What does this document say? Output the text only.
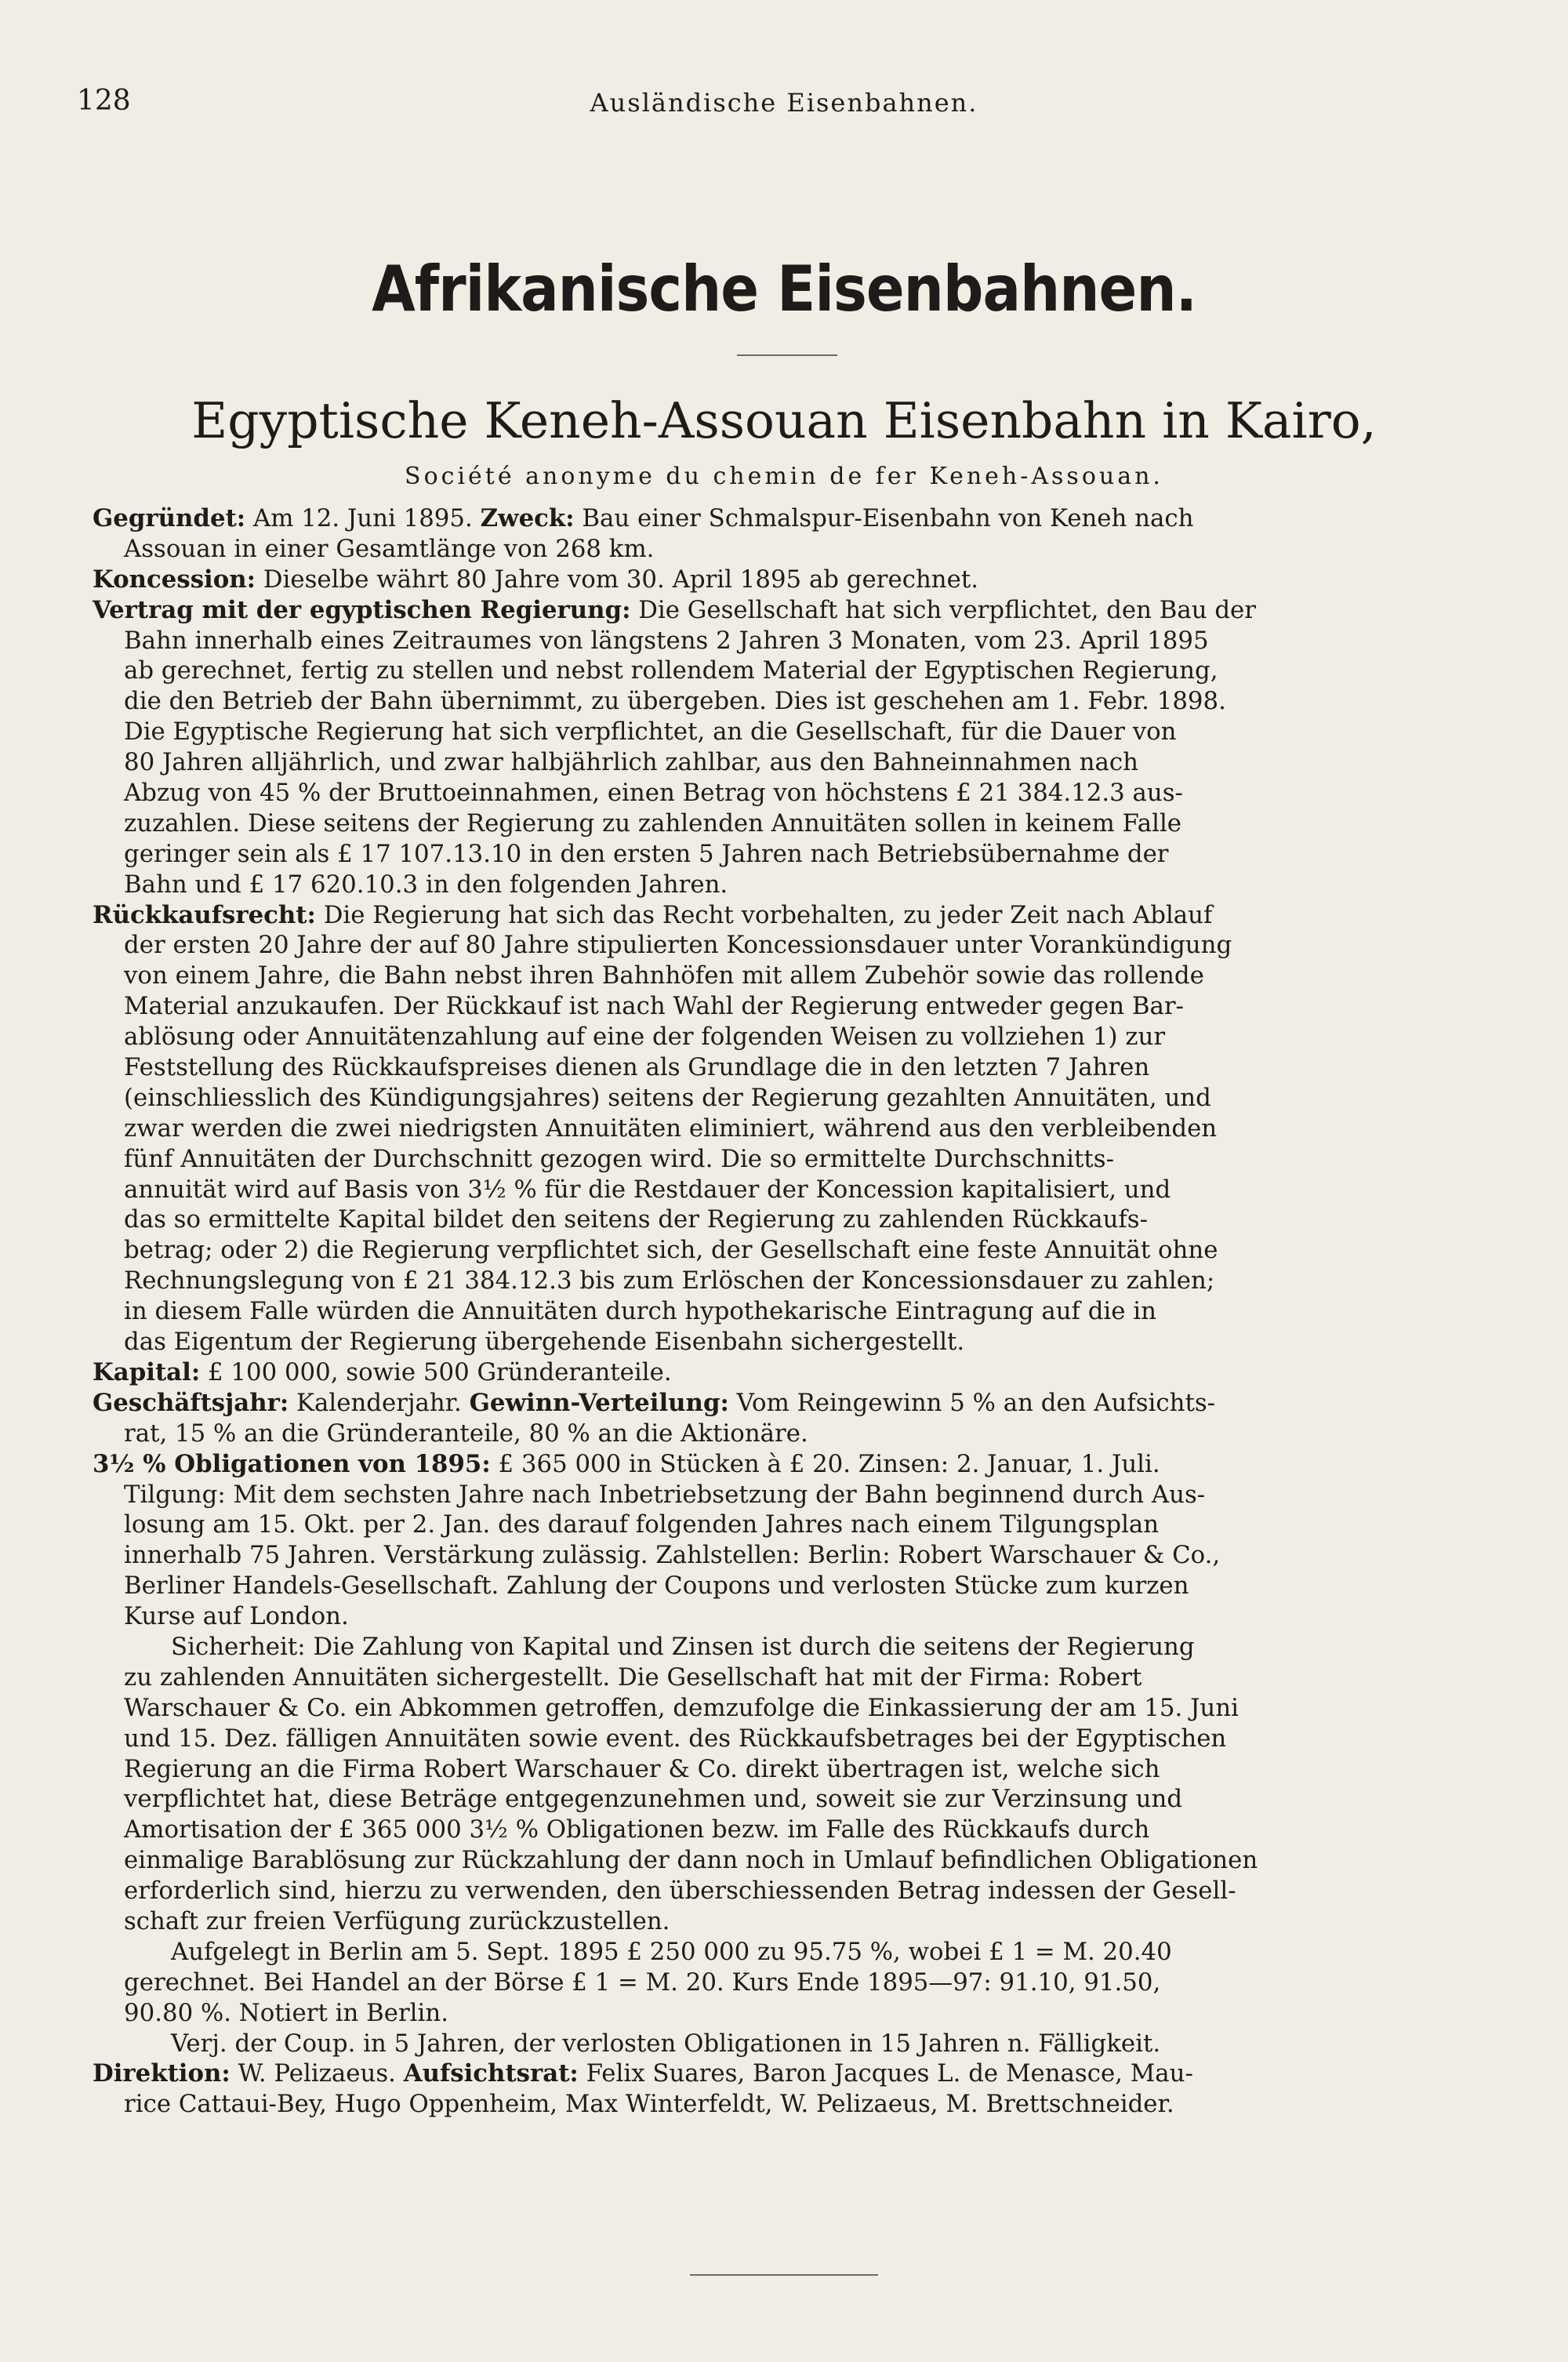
128	Ausländische Eisenbahnen.
Afrikanische Eisenbahnen.
Egyptische Keneh-Assouan Eisenbahn in Kairo,
Société anonyme du chemin de fer Keneh-Assouan.
Gegründet: Am 12. Juni 1895. Zweck: Bau einer Schmalspur-Eisenbahn von Keneh nach
Assouan in einer Gesamtlänge von 268 km.
Koncession: Dieselbe währt 80 Jahre vom 30. April 1895 ab gerechnet.
Vertrag mit der egyptischen Regierung: Die Gesellschaft hat sich verpflichtet, den Bau der
Bahn innerhalb eines Zeitraumes von längstens 2 Jahren 3 Monaten, vom 23. April 1895
ab gerechnet, fertig zu stellen und nebst rollendem Material der Egyptischen Regierung,
die den Betrieb der Bahn übernimmt, zu übergeben. Dies ist geschehen am 1. Febr. 1898.
Die Egyptische Regierung hat sich verpflichtet, an die Gesellschaft, für die Dauer von
80 Jahren alljährlich, und zwar halbjährlich zahlbar, aus den Bahneinnahmen nach
Abzug von 45 % der Bruttoeinnahmen, einen Betrag von höchstens £ 21 384.12.3 aus-
zuzahlen. Diese seitens der Regierung zu zahlenden Annuitäten sollen in keinem Falle
geringer sein als £ 17 107.13.10 in den ersten 5 Jahren nach Betriebsübernahme der
Bahn und £ 17 620.10.3 in den folgenden Jahren.
Rückkaufsrecht: Die Regierung hat sich das Recht vorbehalten, zu jeder Zeit nach Ablauf
der ersten 20 Jahre der auf 80 Jahre stipulierten Koncessionsdauer unter Vorankündigung
von einem Jahre, die Bahn nebst ihren Bahnhöfen mit allem Zubehör sowie das rollende
Material anzukaufen. Der Rückkauf ist nach Wahl der Regierung entweder gegen Bar-
ablösung oder Annuitätenzahlung auf eine der folgenden Weisen zu vollziehen 1) zur
Feststellung des Rückkaufspreises dienen als Grundlage die in den letzten 7 Jahren
(einschliesslich des Kündigungsjahres) seitens der Regierung gezahlten Annuitäten, und
zwar werden die zwei niedrigsten Annuitäten eliminiert, während aus den verbleibenden
fünf Annuitäten der Durchschnitt gezogen wird. Die so ermittelte Durchschnitts-
annuität wird auf Basis von 3½ % für die Restdauer der Koncession kapitalisiert, und
das so ermittelte Kapital bildet den seitens der Regierung zu zahlenden Rückkaufs-
betrag; oder 2) die Regierung verpflichtet sich, der Gesellschaft eine feste Annuität ohne
Rechnungslegung von £ 21 384.12.3 bis zum Erlöschen der Koncessionsdauer zu zahlen;
in diesem Falle würden die Annuitäten durch hypothekarische Eintragung auf die in
das Eigentum der Regierung übergehende Eisenbahn sichergestellt.
Kapital: £ 100 000, sowie 500 Gründeranteile.
Geschäftsjahr: Kalenderjahr. Gewinn-Verteilung: Vom Reingewinn 5 % an den Aufsichts-
rat, 15 % an die Gründeranteile, 80 % an die Aktionäre.
3½ % Obligationen von 1895: £ 365 000 in Stücken à £ 20. Zinsen: 2. Januar, 1. Juli.
Tilgung: Mit dem sechsten Jahre nach Inbetriebsetzung der Bahn beginnend durch Aus-
losung am 15. Okt. per 2. Jan. des darauf folgenden Jahres nach einem Tilgungsplan
innerhalb 75 Jahren. Verstärkung zulässig. Zahlstellen: Berlin: Robert Warschauer & Co.,
Berliner Handels-Gesellschaft. Zahlung der Coupons und verlosten Stücke zum kurzen
Kurse auf London.
Sicherheit: Die Zahlung von Kapital und Zinsen ist durch die seitens der Regierung
zu zahlenden Annuitäten sichergestellt. Die Gesellschaft hat mit der Firma: Robert
Warschauer & Co. ein Abkommen getroffen, demzufolge die Einkassierung der am 15. Juni
und 15. Dez. fälligen Annuitäten sowie event. des Rückkaufsbetrages bei der Egyptischen
Regierung an die Firma Robert Warschauer & Co. direkt übertragen ist, welche sich
verpflichtet hat, diese Beträge entgegenzunehmen und, soweit sie zur Verzinsung und
Amortisation der £ 365 000 3½ % Obligationen bezw. im Falle des Rückkaufs durch
einmalige Barablösung zur Rückzahlung der dann noch in Umlauf befindlichen Obligationen
erforderlich sind, hierzu zu verwenden, den überschiessenden Betrag indessen der Gesell-
schaft zur freien Verfügung zurückzustellen.
Aufgelegt in Berlin am 5. Sept. 1895 £ 250 000 zu 95.75 %, wobei £ 1 = M. 20.40
gerechnet. Bei Handel an der Börse £ 1 = M. 20. Kurs Ende 1895—97: 91.10, 91.50,
90.80 %. Notiert in Berlin.
Verj. der Coup. in 5 Jahren, der verlosten Obligationen in 15 Jahren n. Fälligkeit.
Direktion: W. Pelizaeus. Aufsichtsrat: Felix Suares, Baron Jacques L. de Menasce, Mau-
rice Cattaui-Bey, Hugo Oppenheim, Max Winterfeldt, W. Pelizaeus, M. Brettschneider.
